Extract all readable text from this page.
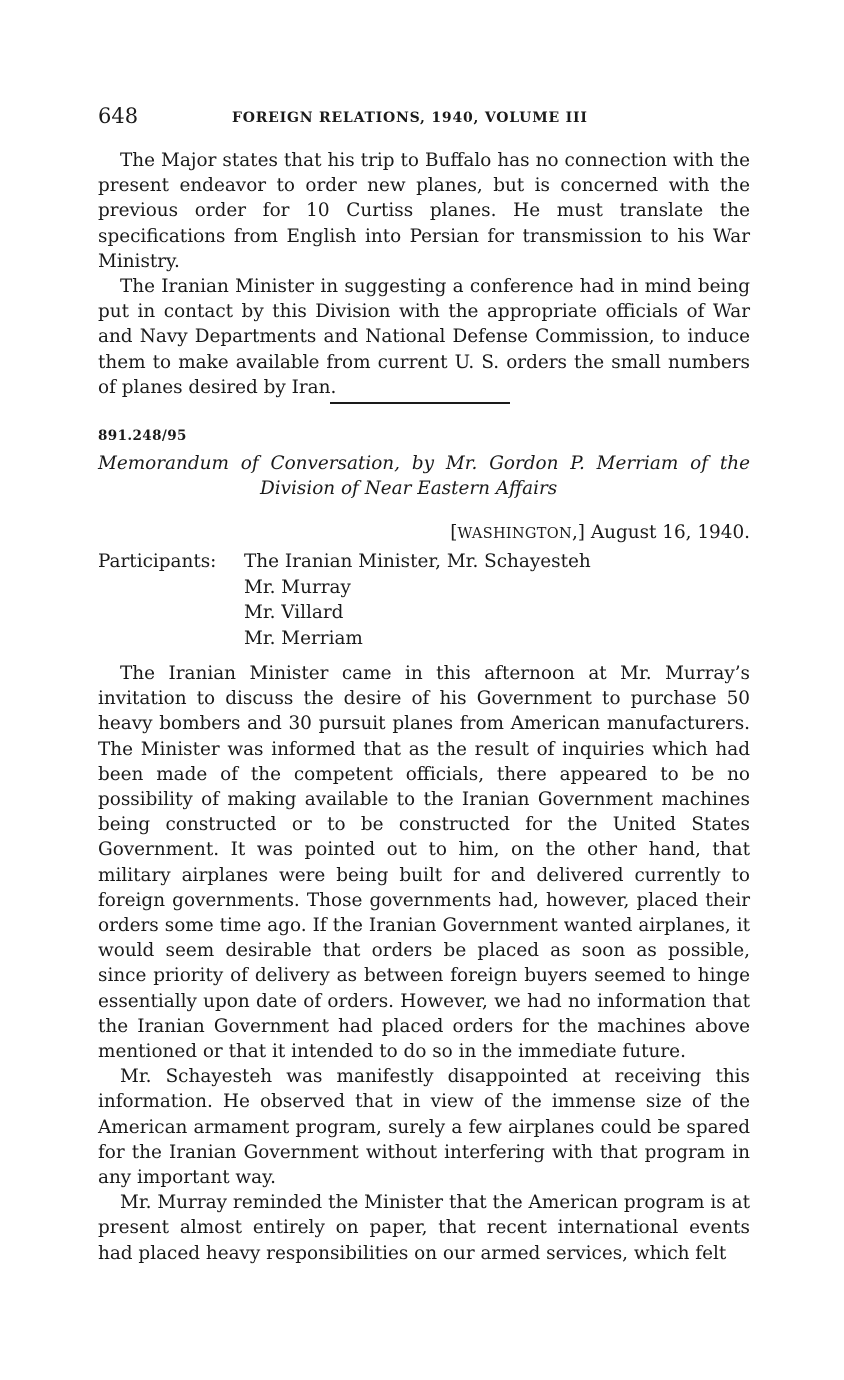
648	FOREIGN RELATIONS, 1940, VOLUME III

The Major states that his trip to Buffalo has no connection with the present endeavor to order new planes, but is concerned with the previous order for 10 Curtiss planes. He must translate the specifications from English into Persian for transmission to his War Ministry.

The Iranian Minister in suggesting a conference had in mind being put in contact by this Division with the appropriate officials of War and Navy Departments and National Defense Commission, to induce them to make available from current U. S. orders the small numbers of planes desired by Iran.

891.248/95
Memorandum of Conversation, by Mr. Gordon P. Merriam of the
Division of Near Eastern Affairs
[WASHINGTON,] August 16, 1940.
Participants: The Iranian Minister, Mr. Schayesteh
Mr. Murray
Mr. Villard
Mr. Merriam

The Iranian Minister came in this afternoon at Mr. Murray’s invitation to discuss the desire of his Government to purchase 50 heavy bombers and 30 pursuit planes from American manufacturers. The Minister was informed that as the result of inquiries which had been made of the competent officials, there appeared to be no possibility of making available to the Iranian Government machines being constructed or to be constructed for the United States Government. It was pointed out to him, on the other hand, that military airplanes were being built for and delivered currently to foreign governments. Those governments had, however, placed their orders some time ago. If the Iranian Government wanted airplanes, it would seem desirable that orders be placed as soon as possible, since priority of delivery as between foreign buyers seemed to hinge essentially upon date of orders. However, we had no information that the Iranian Government had placed orders for the machines above mentioned or that it intended to do so in the immediate future.

Mr. Schayesteh was manifestly disappointed at receiving this information. He observed that in view of the immense size of the American armament program, surely a few airplanes could be spared for the Iranian Government without interfering with that program in any important way.

Mr. Murray reminded the Minister that the American program is at present almost entirely on paper, that recent international events had placed heavy responsibilities on our armed services, which felt
